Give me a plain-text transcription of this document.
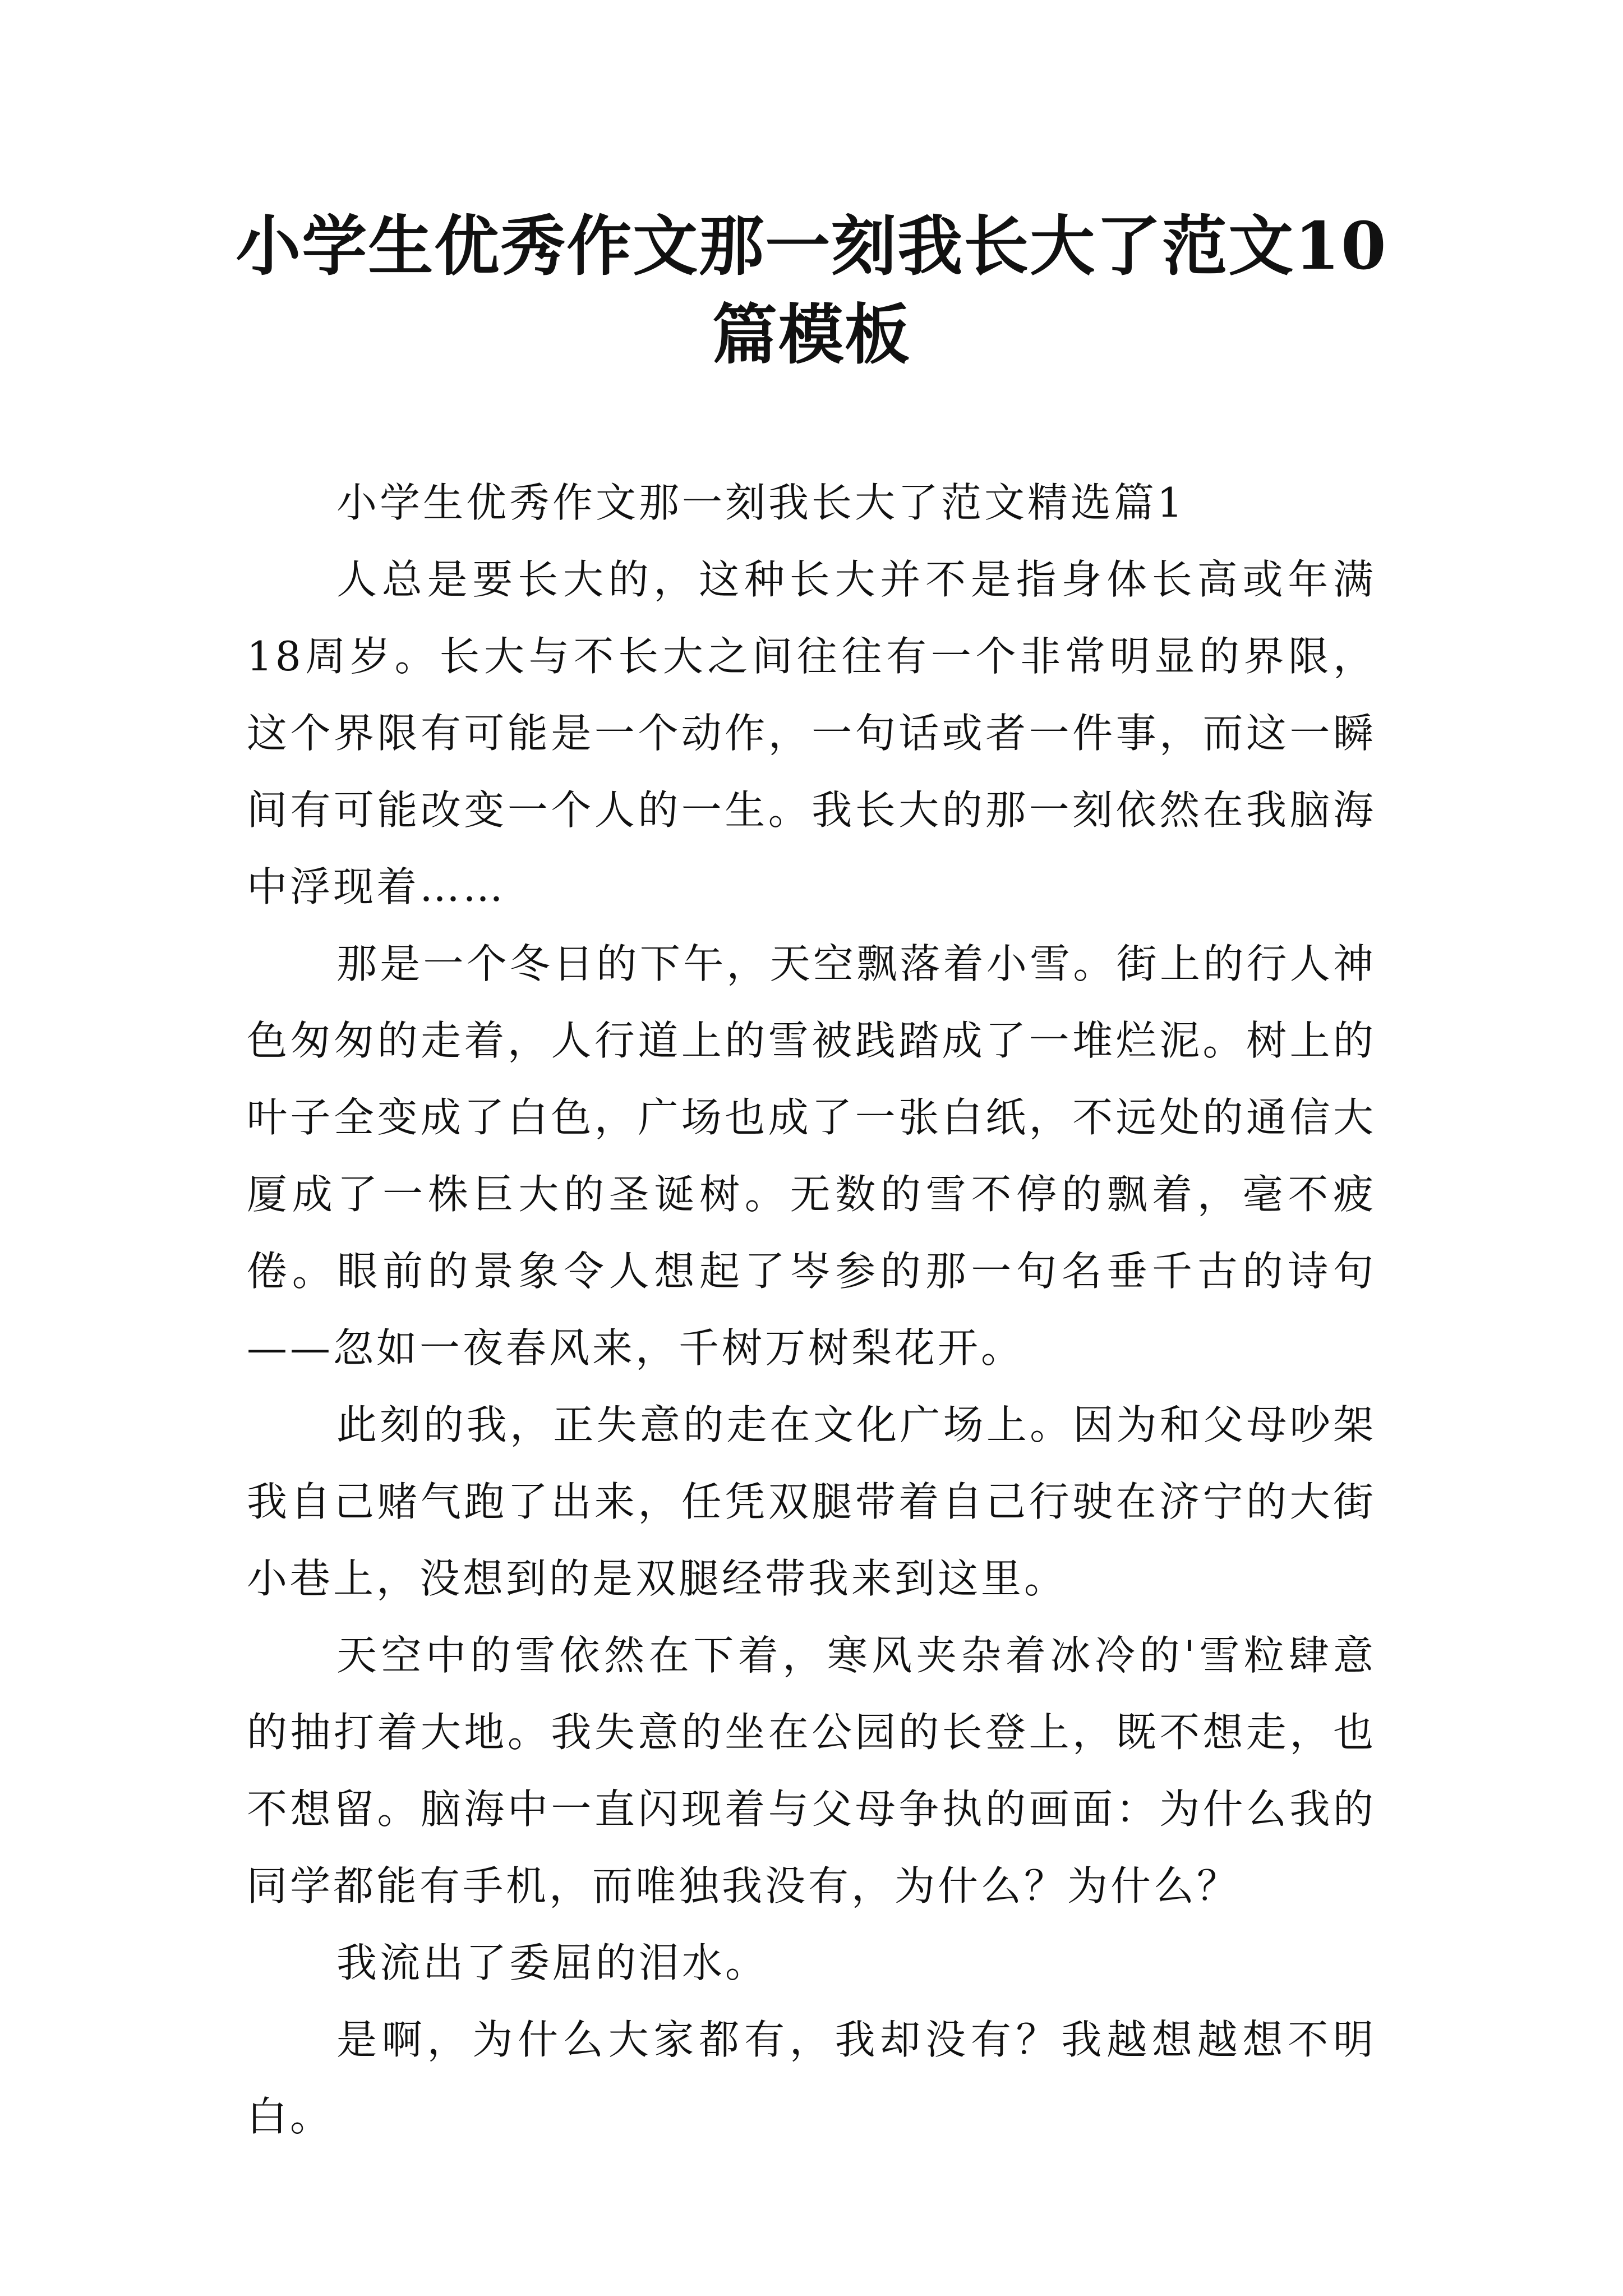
小学生优秀作文那一刻我长大了范文10篇模板

小学生优秀作文那一刻我长大了范文精选篇1

人总是要长大的，这种长大并不是指身体长高或年满18周岁。长大与不长大之间往往有一个非常明显的界限，这个界限有可能是一个动作，一句话或者一件事，而这一瞬间有可能改变一个人的一生。我长大的那一刻依然在我脑海中浮现着……

那是一个冬日的下午，天空飘落着小雪。街上的行人神色匆匆的走着，人行道上的雪被践踏成了一堆烂泥。树上的叶子全变成了白色，广场也成了一张白纸，不远处的通信大厦成了一株巨大的圣诞树。无数的雪不停的飘着，毫不疲倦。眼前的景象令人想起了岑参的那一句名垂千古的诗句——忽如一夜春风来，千树万树梨花开。

此刻的我，正失意的走在文化广场上。因为和父母吵架我自己赌气跑了出来，任凭双腿带着自己行驶在济宁的大街小巷上，没想到的是双腿经带我来到这里。

天空中的雪依然在下着，寒风夹杂着冰冷的'雪粒肆意的抽打着大地。我失意的坐在公园的长登上，既不想走，也不想留。脑海中一直闪现着与父母争执的画面：为什么我的同学都能有手机，而唯独我没有，为什么？为什么？

我流出了委屈的泪水。

是啊，为什么大家都有，我却没有？我越想越想不明白。
